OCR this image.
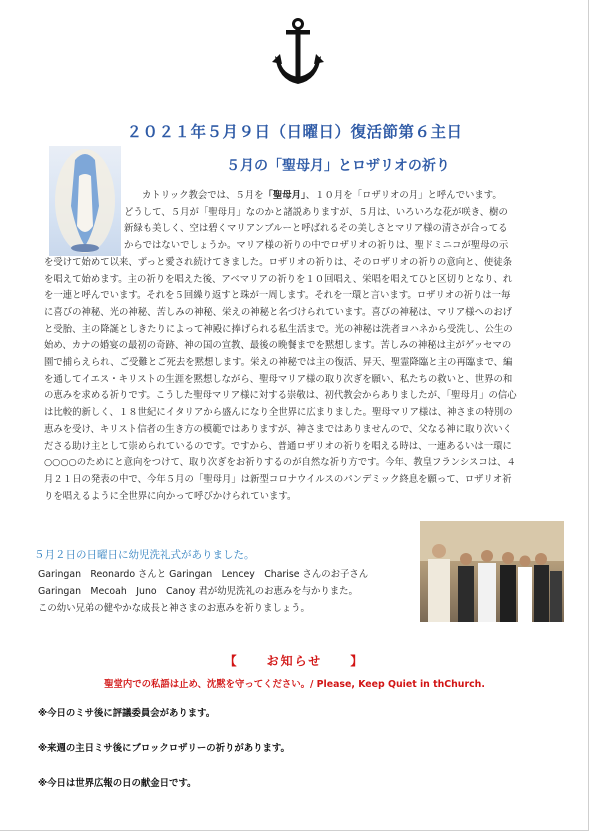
２０２１年５月９日（日曜日）復活節第６主日
５月の「聖母月」とロザリオの祈り

カトリック教会では、５月を「聖母月」、１０月を「ロザリオの月」と呼んでいます。

どうして、５月が「聖母月」なのかと諸説ありますが、５月は、いろいろな花が咲き、樹の

新緑も美しく、空は碧くマリアンブルーと呼ばれるその美しさとマリア様の清さが合ってる

からではないでしょうか。マリア様の祈りの中でロザリオの祈りは、聖ドミニコが聖母の示

を受けて始めて以来、ずっと愛され続けてきました。ロザリオの祈りは、そのロザリオの祈りの意向と、使徒条

を唱えて始めます。主の祈りを唱えた後、アベマリアの祈りを１０回唱え、栄唱を唱えてひと区切りとなり、れ

を一連と呼んでいます。それを５回繰り返すと珠が一周します。それを一環と言います。ロザリオの祈りは一毎

に喜びの神秘、光の神秘、苦しみの神秘、栄えの神秘と名づけられています。喜びの神秘は、マリア様へのおげ

と受胎、主の降誕としきたりによって神殿に捧げられる私生活まで。光の神秘は洗者ヨハネから受洗し、公生の

始め、カナの婚宴の最初の奇跡、神の国の宣教、最後の晩餐までを黙想します。苦しみの神秘は主がゲッセマの

園で捕らえられ、ご受難とご死去を黙想します。栄えの神秘では主の復活、昇天、聖霊降臨と主の再臨まで、編

を通してイエス・キリストの生涯を黙想しながら、聖母マリア様の取り次ぎを願い、私たちの救いと、世界の和

の恵みを求める祈りです。こうした聖母マリア様に対する崇敬は、初代教会からありましたが、「聖母月」の信心

は比較的新しく、１８世紀にイタリアから盛んになり全世界に広まりました。聖母マリア様は、神さまの特別の

恵みを受け、キリスト信者の生き方の模範ではありますが、神さまではありませんので、父なる神に取り次いく

ださる助け主として崇められているのです。ですから、普通ロザリオの祈りを唱える時は、一連あるいは一環に

○○○○のためにと意向をつけて、取り次ぎをお祈りするのが自然な祈り方です。今年、教皇フランシスコは、４

月２１日の発表の中で、今年５月の「聖母月」は新型コロナウイルスのパンデミック終息を願って、ロザリオ祈

りを唱えるように全世界に向かって呼びかけられています。

５月２日の日曜日に幼児洗礼式がありました。

Garingan　Reonardo さんと Garingan　Lencey　Charise さんのお子さん

Garingan　Mecoah　Juno　Canoy 君が幼児洗礼のお恵みを与かりまた。

この幼い兄弟の健やかな成長と神さまのお恵みを祈りましょう。

【　　お知らせ　　】
聖堂内での私語は止め、沈黙を守ってください。/ Please, Keep Quiet in thChurch.
※今日のミサ後に評議委員会があります。
※来週の主日ミサ後にブロックロザリーの祈りがあります。
※今日は世界広報の日の献金日です。
